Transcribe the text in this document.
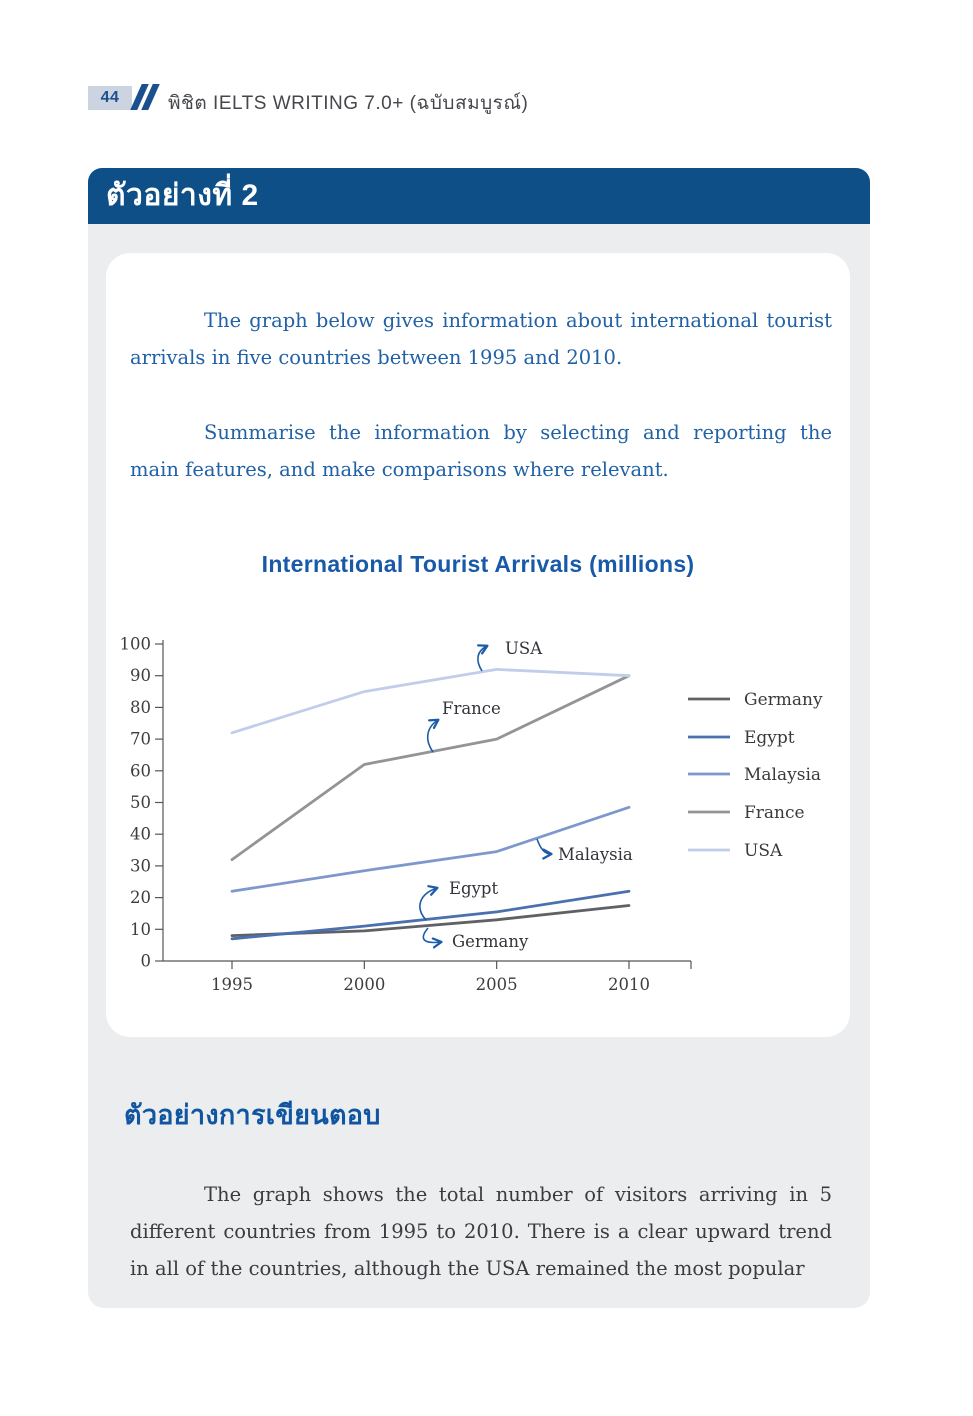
44	พิชิต IELTS WRITING 7.0+ (ฉบับสมบูรณ์)
ตัวอย่างที่ 2

The graph below gives information about international tourist arrivals in five countries between 1995 and 2010.

Summarise the information by selecting and reporting the main features, and make comparisons where relevant.

International Tourist Arrivals (millions)
0
10
20
30
40
50
60
70
80
90
100
1995	2000	2005	2010
Germany
Egypt
Malaysia
France
USA
USA
France
Malaysia
Egypt
Germany
ตัวอย่างการเขียนตอบ

The graph shows the total number of visitors arriving in 5 different countries from 1995 to 2010. There is a clear upward trend in all of the countries, although the USA remained the most popular
